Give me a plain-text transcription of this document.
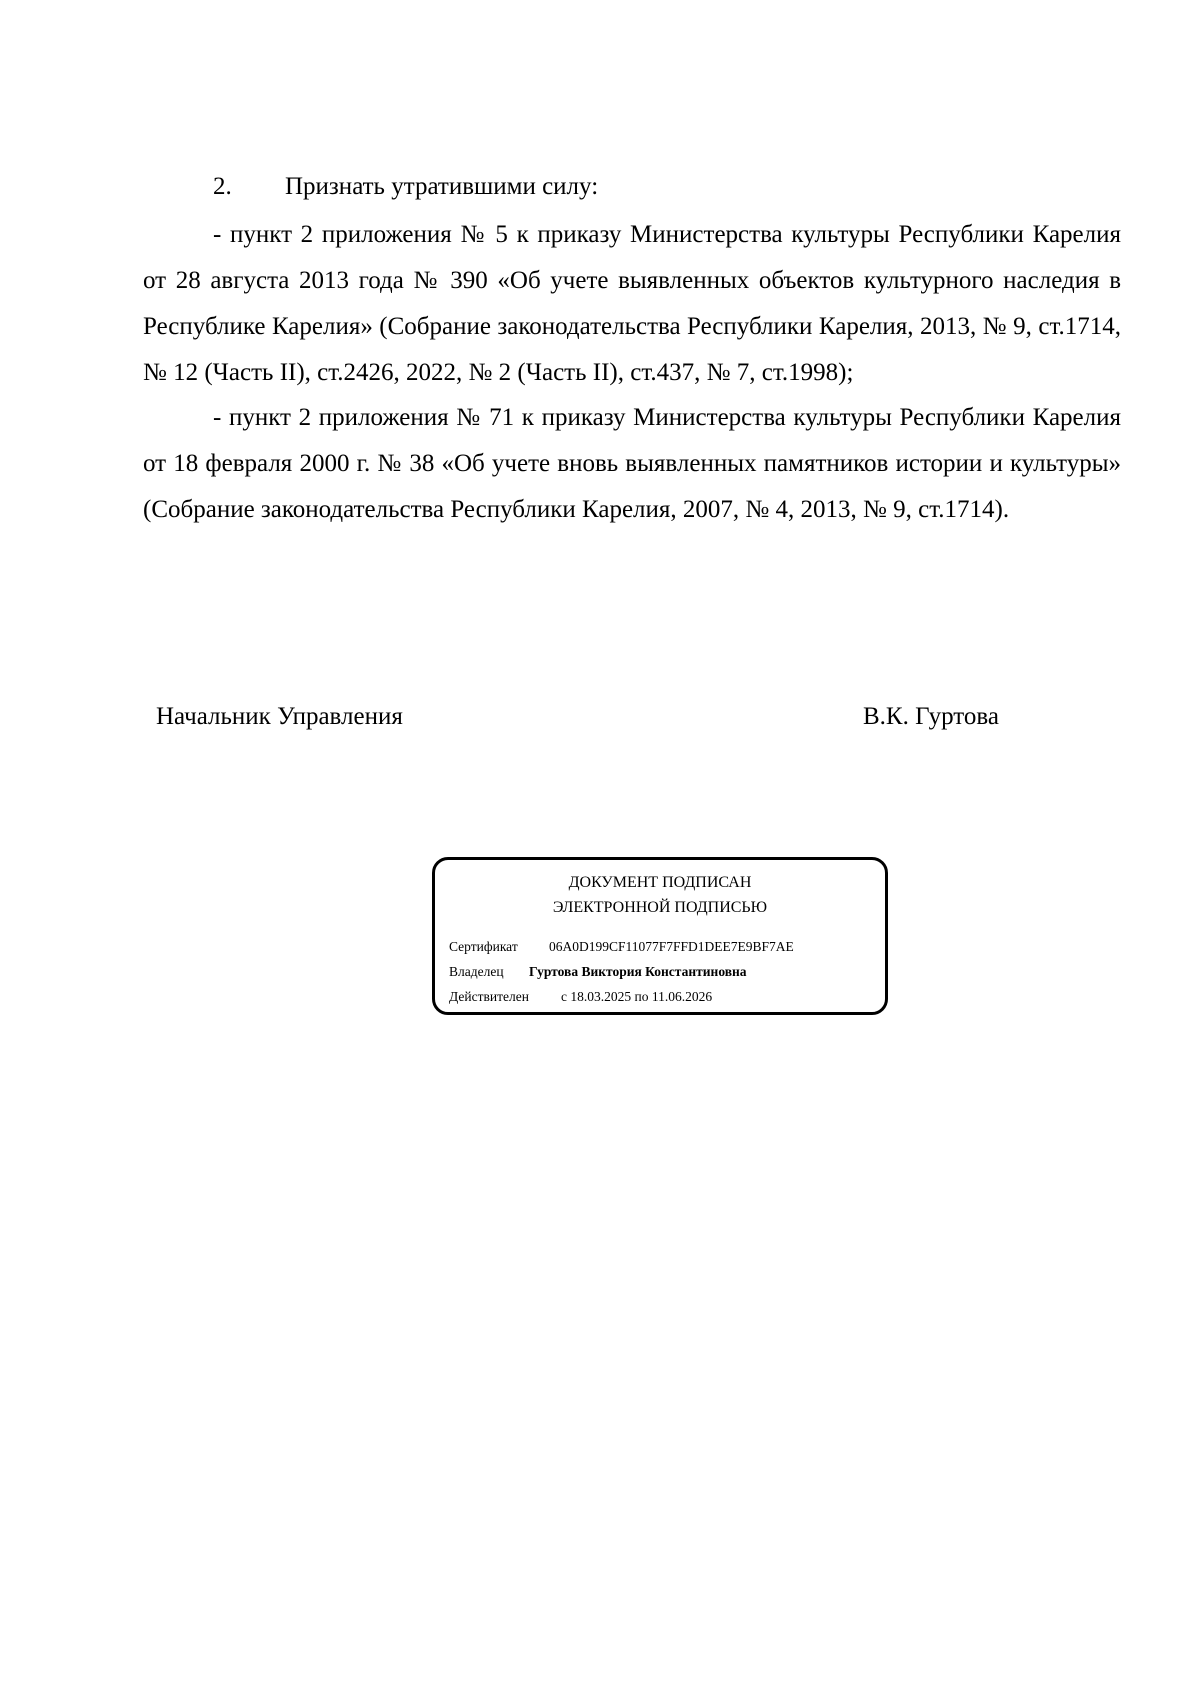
2. Признать утратившими силу:

- пункт 2 приложения № 5 к приказу Министерства культуры Республики Карелия от 28 августа 2013 года № 390 «Об учете выявленных объектов культурного наследия в Республике Карелия» (Собрание законодательства Республики Карелия, 2013, № 9, ст.1714, № 12 (Часть II), ст.2426, 2022, № 2 (Часть II), ст.437, № 7, ст.1998);

- пункт 2 приложения № 71 к приказу Министерства культуры Республики Карелия от 18 февраля 2000 г. № 38 «Об учете вновь выявленных памятников истории и культуры» (Собрание законодательства Республики Карелия, 2007, № 4, 2013, № 9, ст.1714).

Начальник Управления	В.К. Гуртова
ДОКУМЕНТ ПОДПИСАН
ЭЛЕКТРОННОЙ ПОДПИСЬЮ
Сертификат 06A0D199CF11077F7FFD1DEE7E9BF7AE
Владелец Гуртова Виктория Константиновна
Действителен с 18.03.2025 по 11.06.2026
